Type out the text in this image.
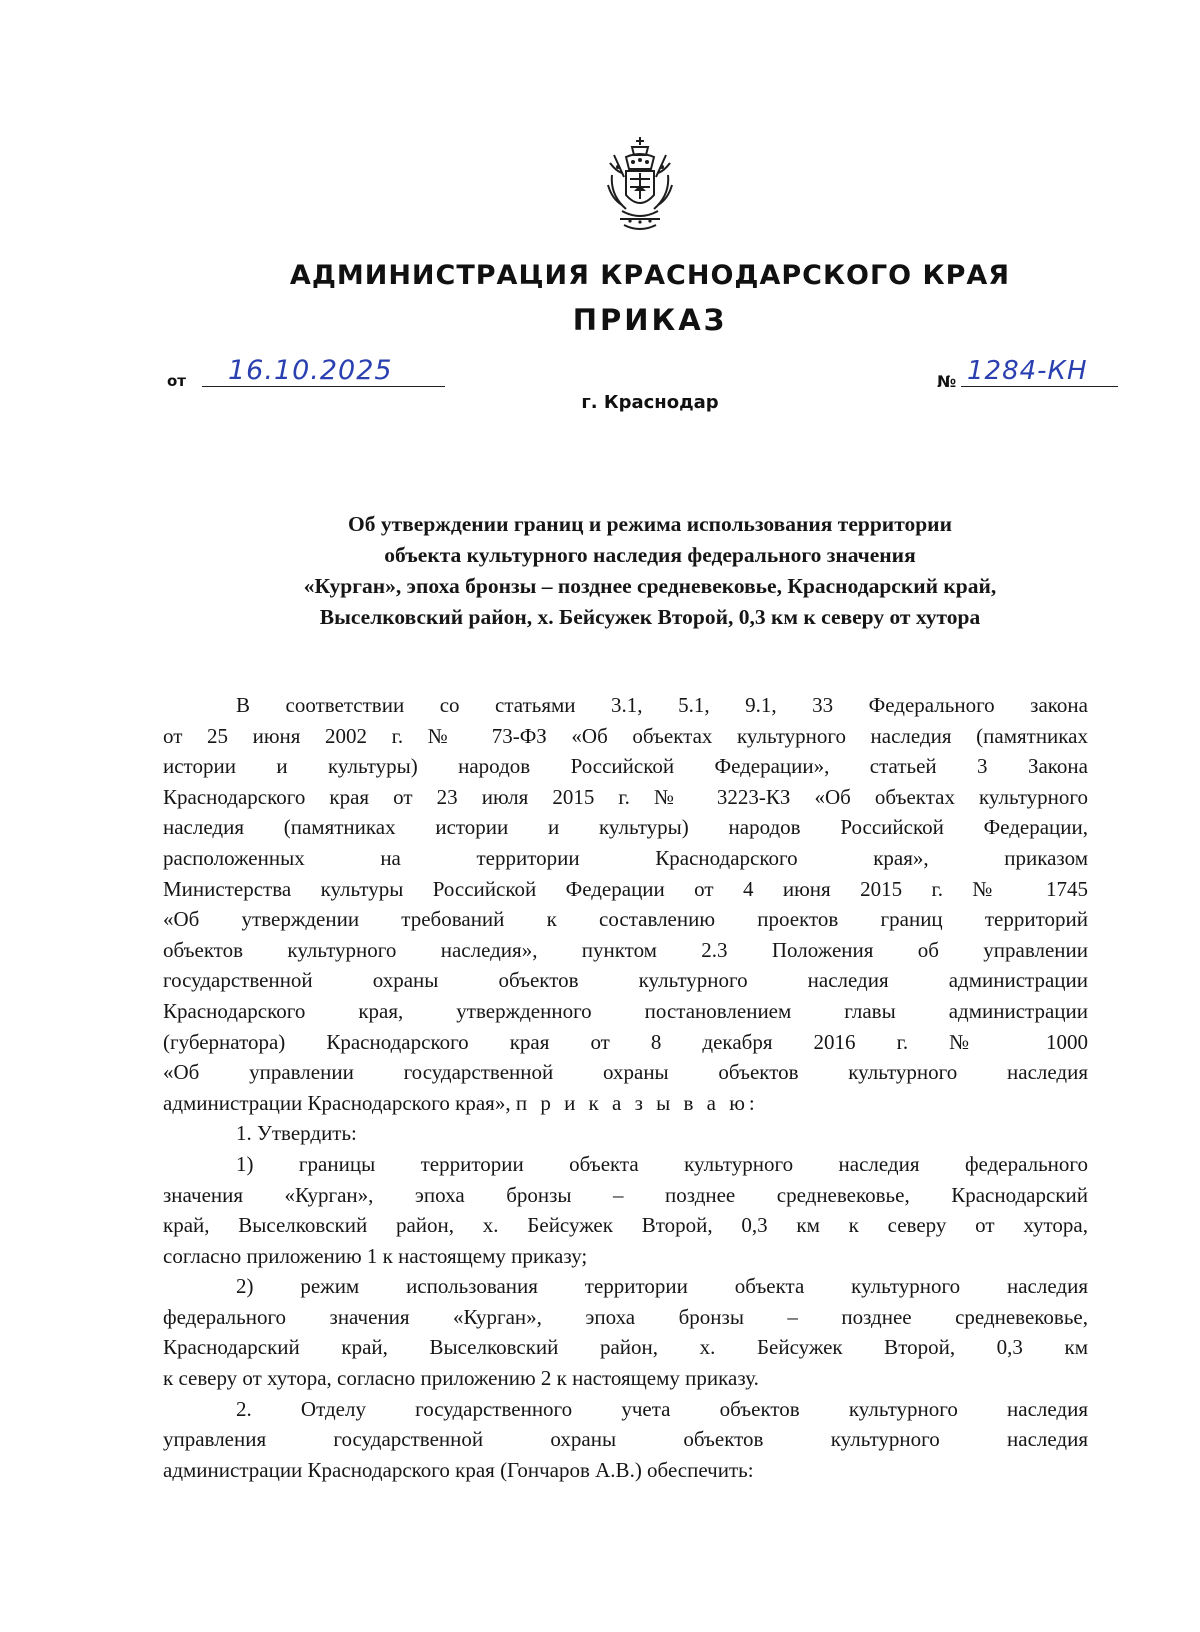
АДМИНИСТРАЦИЯ КРАСНОДАРСКОГО КРАЯ
ПРИКАЗ
от 16.10.2025
г. Краснодар
№ 1284-КН
Об утверждении границ и режима использования территории
объекта культурного наследия федерального значения
«Курган», эпоха бронзы – позднее средневековье, Краснодарский край,
Выселковский район, х. Бейсужек Второй, 0,3 км к северу от хутора
В соответствии со статьями 3.1, 5.1, 9.1, 33 Федерального закона
от 25 июня 2002 г. № 73-ФЗ «Об объектах культурного наследия (памятниках
истории и культуры) народов Российской Федерации», статьей 3 Закона
Краснодарского края от 23 июля 2015 г. № 3223-КЗ «Об объектах культурного
наследия (памятниках истории и культуры) народов Российской Федерации,
расположенных на территории Краснодарского края», приказом
Министерства культуры Российской Федерации от 4 июня 2015 г. № 1745
«Об утверждении требований к составлению проектов границ территорий
объектов культурного наследия», пунктом 2.3 Положения об управлении
государственной охраны объектов культурного наследия администрации
Краснодарского края, утвержденного постановлением главы администрации
(губернатора) Краснодарского края от 8 декабря 2016 г. № 1000
«Об управлении государственной охраны объектов культурного наследия
администрации Краснодарского края», п р и к а з ы в а ю:
1. Утвердить:
1) границы территории объекта культурного наследия федерального
значения «Курган», эпоха бронзы – позднее средневековье, Краснодарский
край, Выселковский район, х. Бейсужек Второй, 0,3 км к северу от хутора,
согласно приложению 1 к настоящему приказу;
2) режим использования территории объекта культурного наследия
федерального значения «Курган», эпоха бронзы – позднее средневековье,
Краснодарский край, Выселковский район, х. Бейсужек Второй, 0,3 км
к северу от хутора, согласно приложению 2 к настоящему приказу.
2. Отделу государственного учета объектов культурного наследия
управления государственной охраны объектов культурного наследия
администрации Краснодарского края (Гончаров А.В.) обеспечить:
